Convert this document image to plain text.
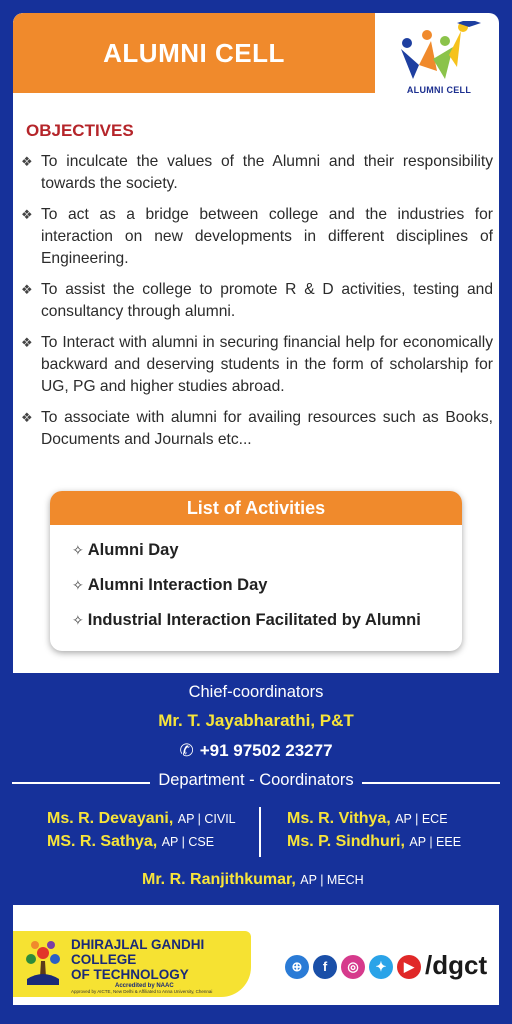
ALUMNI CELL
ALUMNI CELL
OBJECTIVES
❖ To inculcate the values of the Alumni and their responsibility towards the society.
❖ To act as a bridge between college and the industries for interaction on new developments in different disciplines of Engineering.
❖ To assist the college to promote R & D activities, testing and consultancy through alumni.
❖ To Interact with alumni in securing financial help for economically backward and deserving students in the form of scholarship for UG, PG and higher studies abroad.
❖ To associate with alumni for availing resources such as Books, Documents and Journals etc...
List of Activities
✧ Alumni Day
✧ Alumni Interaction Day
✧ Industrial Interaction Facilitated by Alumni
Chief-coordinators
Mr. T. Jayabharathi, P&T
✆ +91 97502 23277
Department - Coordinators
Ms. R. Devayani, AP | CIVIL
MS. R. Sathya, AP | CSE
Ms. R. Vithya, AP | ECE
Ms. P. Sindhuri, AP | EEE
Mr. R. Ranjithkumar, AP | MECH
DHIRAJLAL GANDHI
COLLEGE
OF TECHNOLOGY
Accredited by NAAC
Approved by AICTE, New Delhi & Affiliated to Anna University, Chennai
⊕	f	◎	✦	▶ /dgct
